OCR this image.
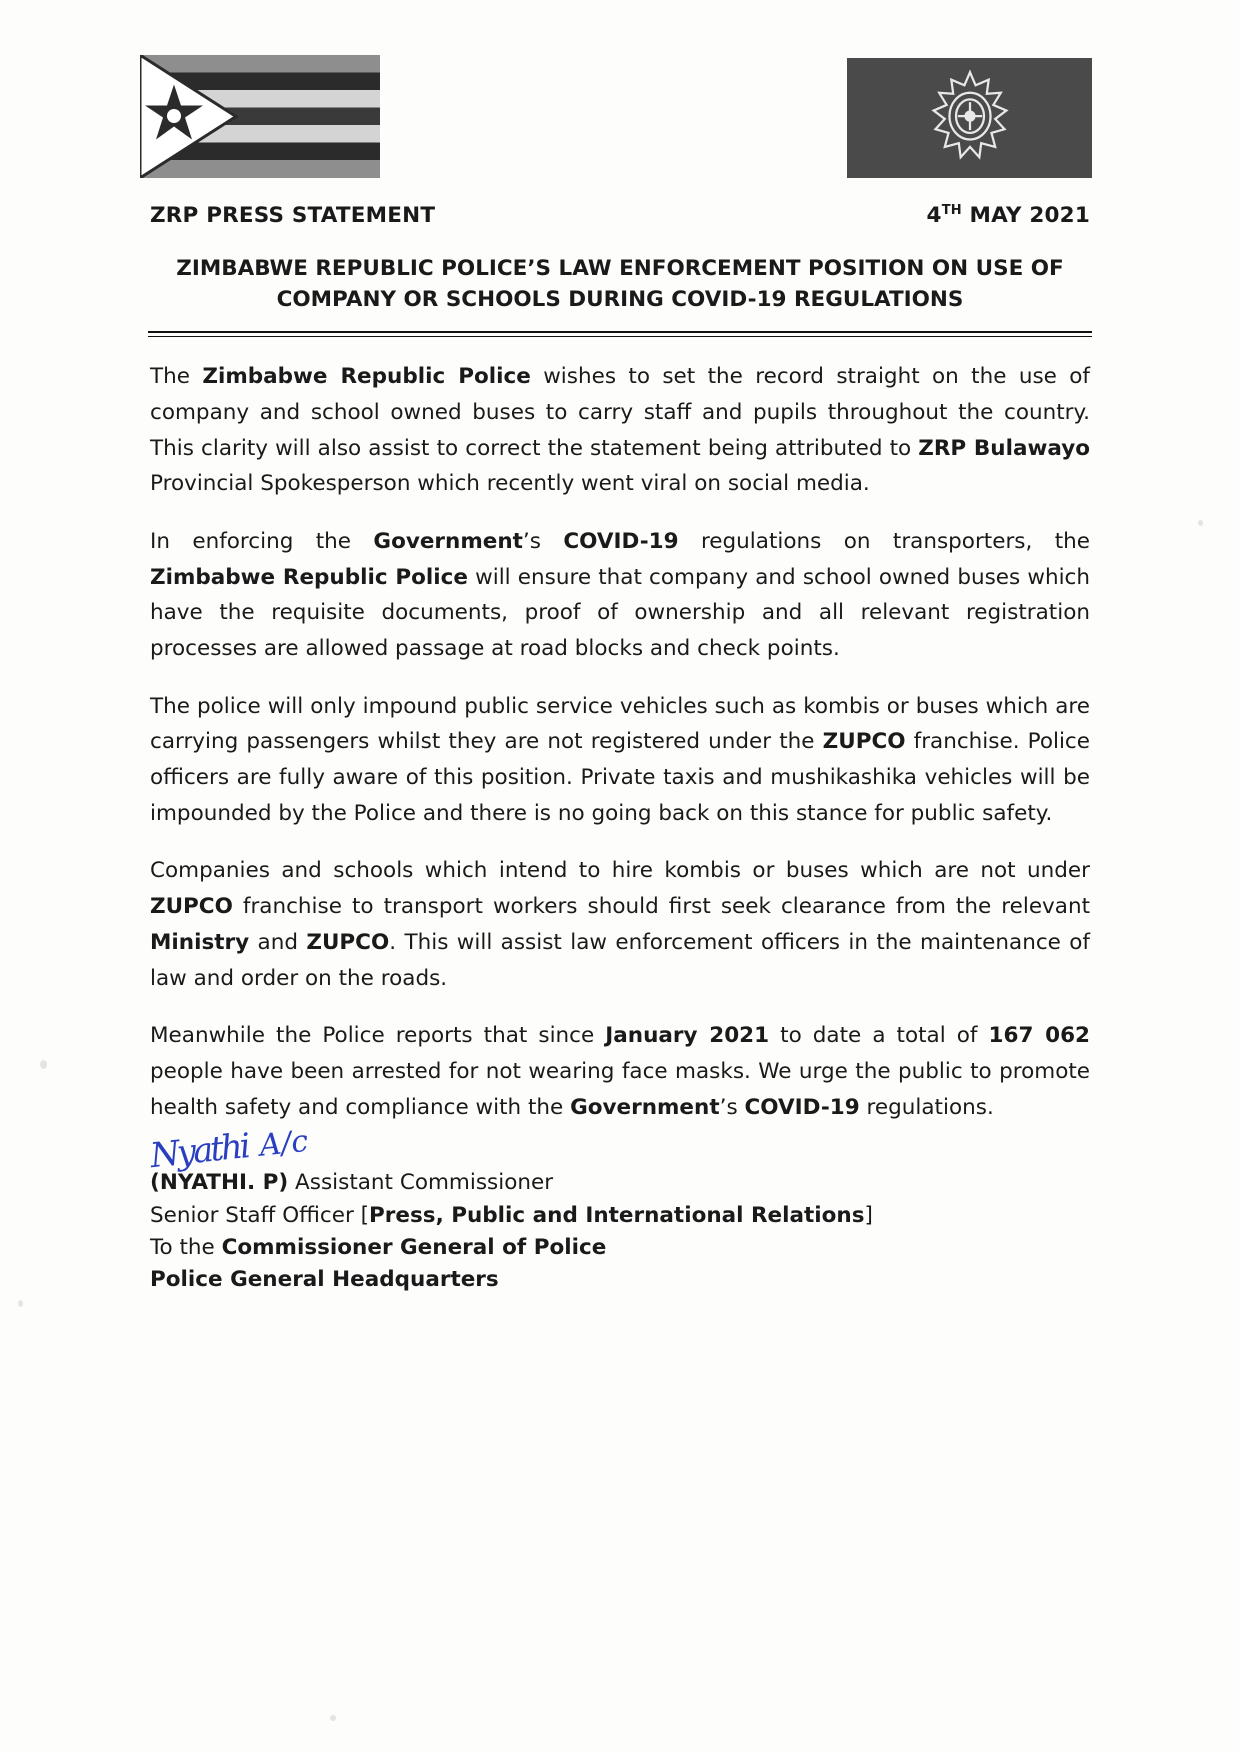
ZRP PRESS STATEMENT	4TH MAY 2021
ZIMBABWE REPUBLIC POLICE’S LAW ENFORCEMENT POSITION ON USE OF COMPANY OR SCHOOLS DURING COVID-19 REGULATIONS

The Zimbabwe Republic Police wishes to set the record straight on the use of company and school owned buses to carry staff and pupils throughout the country. This clarity will also assist to correct the statement being attributed to ZRP Bulawayo Provincial Spokesperson which recently went viral on social media.

In enforcing the Government’s COVID-19 regulations on transporters, the Zimbabwe Republic Police will ensure that company and school owned buses which have the requisite documents, proof of ownership and all relevant registration processes are allowed passage at road blocks and check points.

The police will only impound public service vehicles such as kombis or buses which are carrying passengers whilst they are not registered under the ZUPCO franchise. Police officers are fully aware of this position. Private taxis and mushikashika vehicles will be impounded by the Police and there is no going back on this stance for public safety.

Companies and schools which intend to hire kombis or buses which are not under ZUPCO franchise to transport workers should first seek clearance from the relevant Ministry and ZUPCO. This will assist law enforcement officers in the maintenance of law and order on the roads.

Meanwhile the Police reports that since January 2021 to date a total of 167 062 people have been arrested for not wearing face masks. We urge the public to promote health safety and compliance with the Government’s COVID-19 regulations.

Nyathi A/c
(NYATHI. P) Assistant Commissioner
Senior Staff Officer [Press, Public and International Relations]
To the Commissioner General of Police
Police General Headquarters
